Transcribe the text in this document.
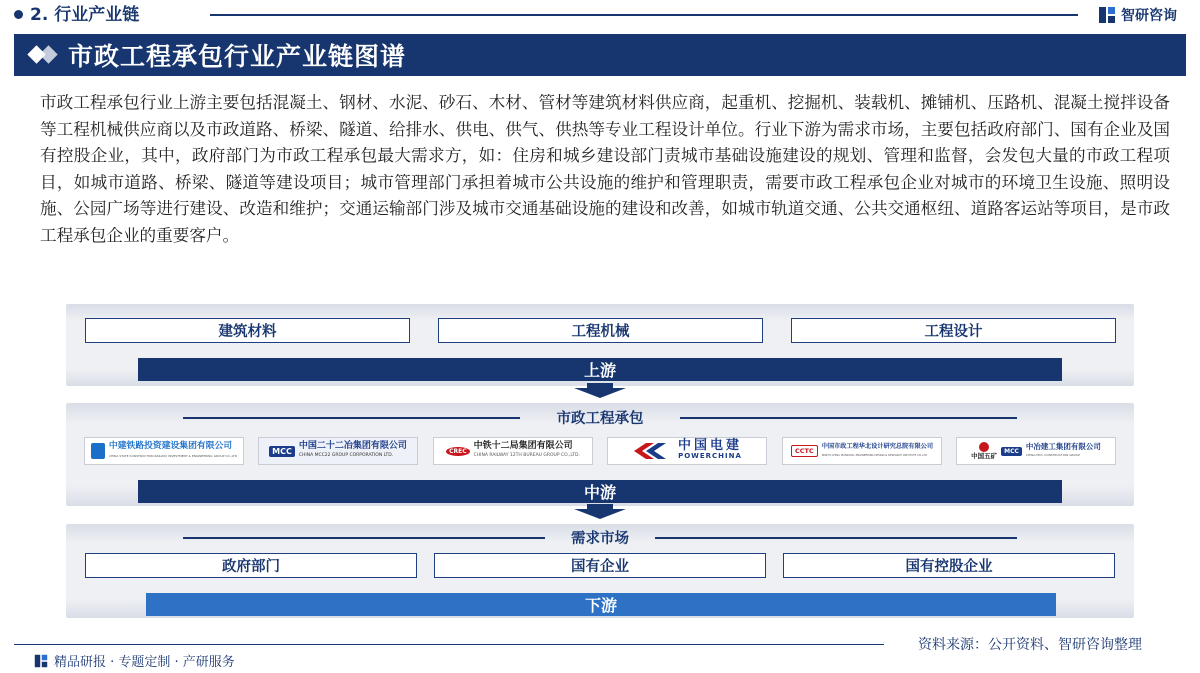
2. 行业产业链	智研咨询
市政工程承包行业产业链图谱
市政工程承包行业上游主要包括混凝土、钢材、水泥、砂石、木材、管材等建筑材料供应商，起重机、挖掘机、装载机、摊铺机、压路机、混凝土搅拌设备等工程机械供应商以及市政道路、桥梁、隧道、给排水、供电、供气、供热等专业工程设计单位。行业下游为需求市场，主要包括政府部门、国有企业及国有控股企业，其中，政府部门为市政工程承包最大需求方，如：住房和城乡建设部门责城市基础设施建设的规划、管理和监督，会发包大量的市政工程项目，如城市道路、桥梁、隧道等建设项目；城市管理部门承担着城市公共设施的维护和管理职责，需要市政工程承包企业对城市的环境卫生设施、照明设施、公园广场等进行建设、改造和维护；交通运输部门涉及城市交通基础设施的建设和改善，如城市轨道交通、公共交通枢纽、道路客运站等项目，是市政工程承包企业的重要客户。
建筑材料	工程机械	工程设计
上游
市政工程承包
中建铁路投资建设集团有限公司
CHINA STATE CONSTRUCTION RAILWAY INVESTMENT & ENGINEERING GROUP CO.,LTD
MCC 中国二十二冶集团有限公司
CHINA MCC22 GROUP CORPORATION LTD.
CREC 中铁十二局集团有限公司
CHINA RAILWAY 12TH BUREAU GROUP CO.,LTD.
中国电建
POWERCHINA
CCTC
中国市政工程华北设计研究总院有限公司
NORTH CHINA MUNICIPAL ENGINEERING DESIGN & RESEARCH INSTITUTE CO.,LTD	中国五矿
MCC 中冶建工集团有限公司
CHINA MCC CONSTRUCTION GROUP
中游
需求市场
政府部门	国有企业	国有控股企业
下游
资料来源：公开资料、智研咨询整理
精品研报 · 专题定制 · 产研服务
